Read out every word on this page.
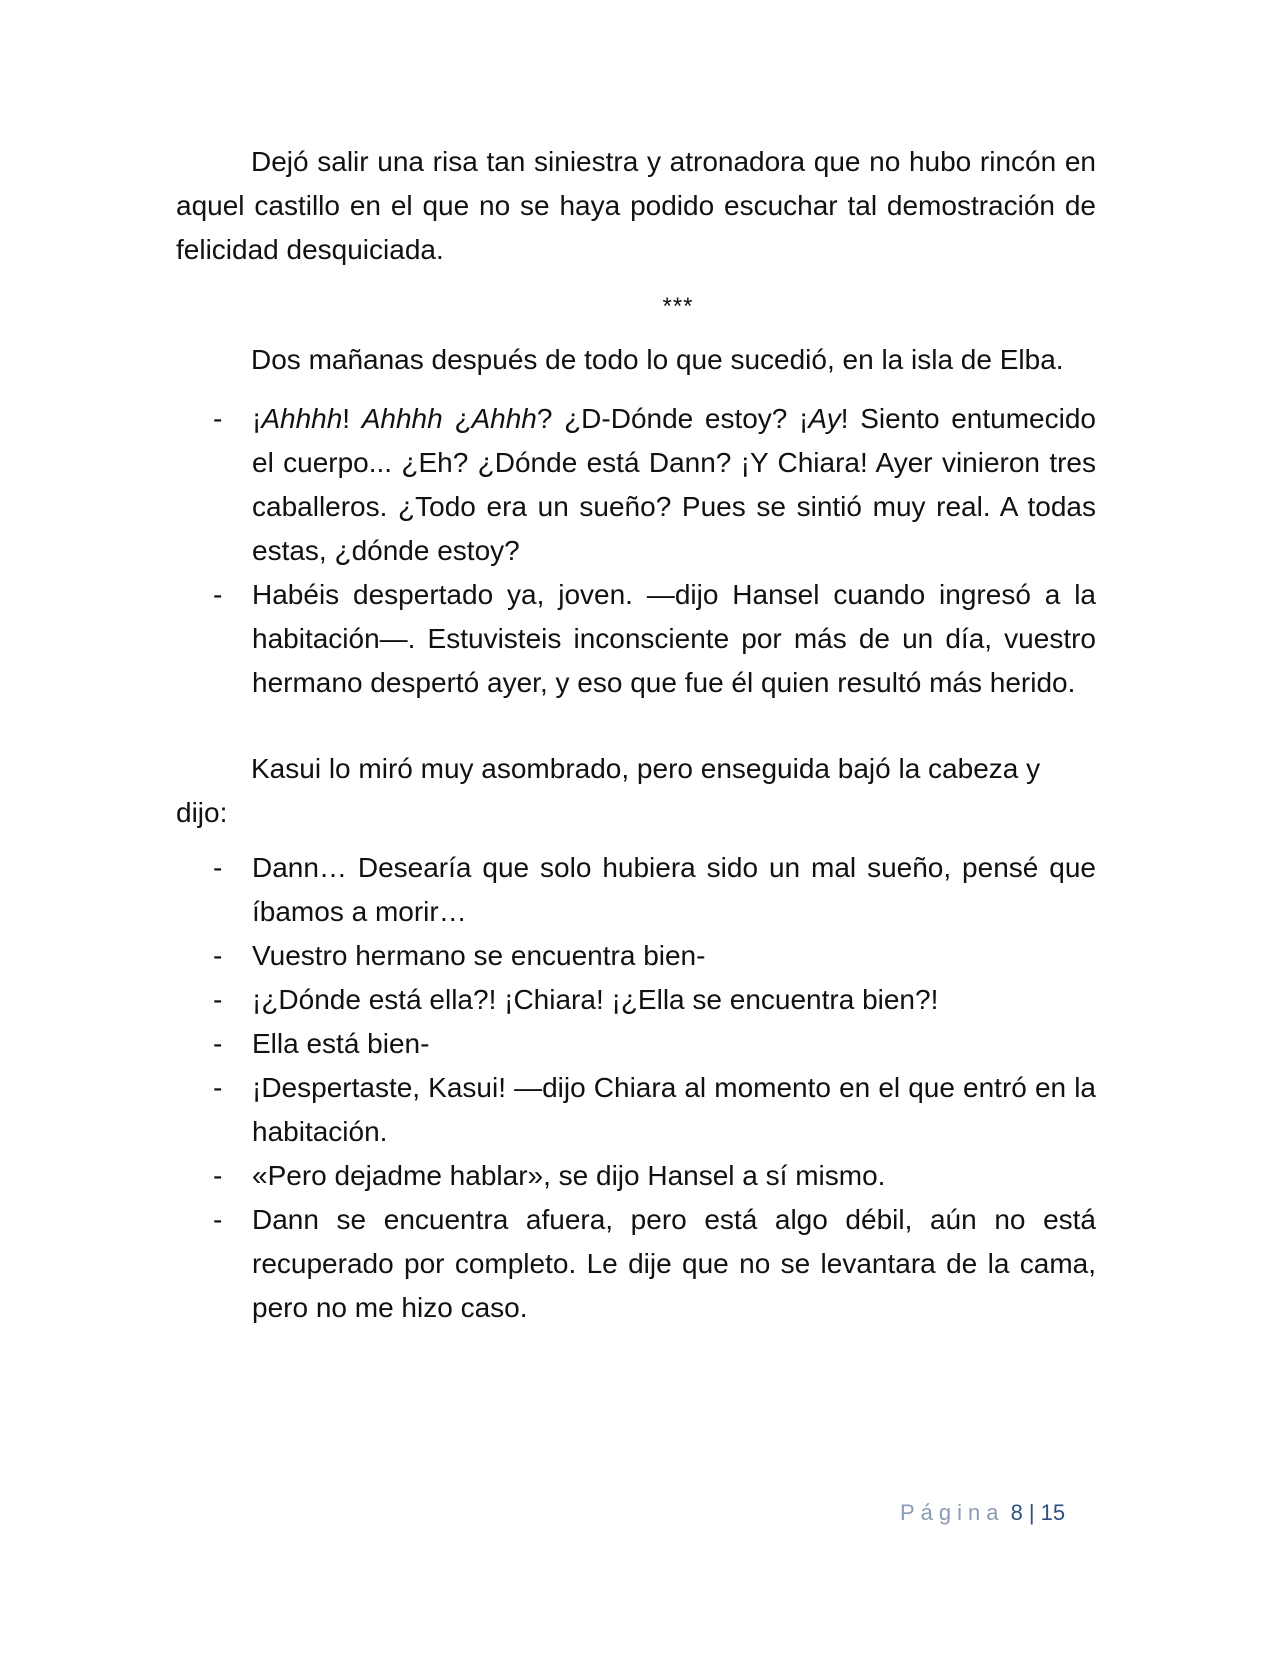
Dejó salir una risa tan siniestra y atronadora que no hubo rincón en aquel castillo en el que no se haya podido escuchar tal demostración de felicidad desquiciada.

***

Dos mañanas después de todo lo que sucedió, en la isla de Elba.

- ¡Ahhhh! Ahhhh ¿Ahhh? ¿D-Dónde estoy? ¡Ay! Siento entumecido el cuerpo... ¿Eh? ¿Dónde está Dann? ¡Y Chiara! Ayer vinieron tres caballeros. ¿Todo era un sueño? Pues se sintió muy real. A todas estas, ¿dónde estoy?
- Habéis despertado ya, joven. —dijo Hansel cuando ingresó a la habitación—. Estuvisteis inconsciente por más de un día, vuestro hermano despertó ayer, y eso que fue él quien resultó más herido.

Kasui lo miró muy asombrado, pero enseguida bajó la cabeza y dijo:

- Dann… Desearía que solo hubiera sido un mal sueño, pensé que íbamos a morir…
- Vuestro hermano se encuentra bien-
- ¡¿Dónde está ella?! ¡Chiara! ¡¿Ella se encuentra bien?!
- Ella está bien-
- ¡Despertaste, Kasui! —dijo Chiara al momento en el que entró en la habitación.
- «Pero dejadme hablar», se dijo Hansel a sí mismo.
- Dann se encuentra afuera, pero está algo débil, aún no está recuperado por completo. Le dije que no se levantara de la cama, pero no me hizo caso.
Página 8 | 15
